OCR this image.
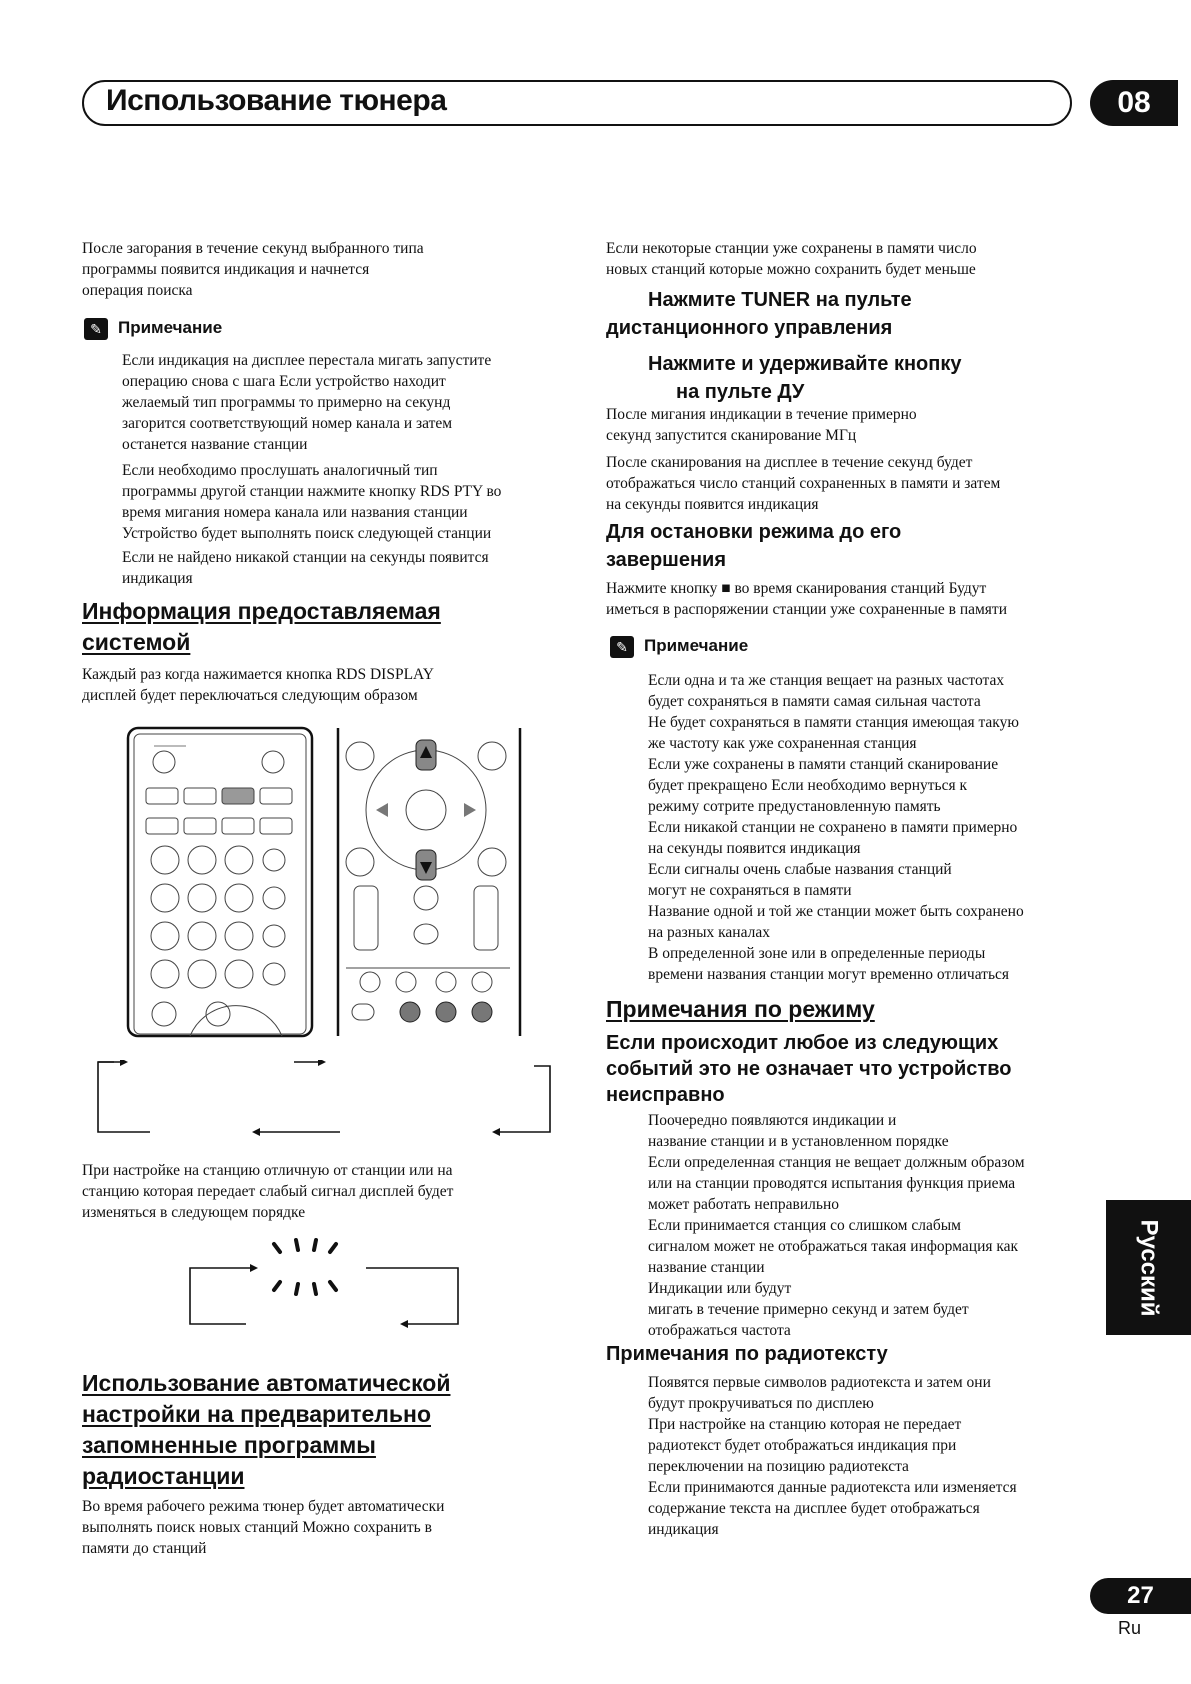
Использование тюнера	08
После загорания в течение секунд выбранного типа
программы появится индикация и начнется
операция поиска
✎ Примечание
Если индикация на дисплее перестала мигать запустите
операцию снова с шага Если устройство находит
желаемый тип программы то примерно на секунд
загорится соответствующий номер канала и затем
останется название станции
Если необходимо прослушать аналогичный тип
программы другой станции нажмите кнопку RDS PTY во
время мигания номера канала или названия станции
Устройство будет выполнять поиск следующей станции
Если не найдено никакой станции на секунды появится
индикация
Информация предоставляемая
системой
Каждый раз когда нажимается кнопка RDS DISPLAY
дисплей будет переключаться следующим образом
При настройке на станцию отличную от станции или на
станцию которая передает слабый сигнал дисплей будет
изменяться в следующем порядке
Использование автоматической
настройки на предварительно
запомненные программы
радиостанции
Во время рабочего режима тюнер будет автоматически
выполнять поиск новых станций Можно сохранить в
памяти до станций
Если некоторые станции уже сохранены в памяти число
новых станций которые можно сохранить будет меньше
Нажмите TUNER на пульте
дистанционного управления
Нажмите и удерживайте кнопку
на пульте ДУ
После мигания индикации в течение примерно
секунд запустится сканирование МГц
После сканирования на дисплее в течение секунд будет
отображаться число станций сохраненных в памяти и затем
на секунды появится индикация
Для остановки режима до его
завершения
Нажмите кнопку ■ во время сканирования станций Будут
иметься в распоряжении станции уже сохраненные в памяти
✎ Примечание
Если одна и та же станция вещает на разных частотах
будет сохраняться в памяти самая сильная частота
Не будет сохраняться в памяти станция имеющая такую
же частоту как уже сохраненная станция
Если уже сохранены в памяти станций сканирование
будет прекращено Если необходимо вернуться к
режиму сотрите предустановленную память
Если никакой станции не сохранено в памяти примерно
на секунды появится индикация
Если сигналы очень слабые названия станций
могут не сохраняться в памяти
Название одной и той же станции может быть сохранено
на разных каналах
В определенной зоне или в определенные периоды
времени названия станции могут временно отличаться
Примечания по режиму
Если происходит любое из следующих
событий это не означает что устройство
неисправно
Поочередно появляются индикации и
название станции и в установленном порядке
Если определенная станция не вещает должным образом
или на станции проводятся испытания функция приема
может работать неправильно
Если принимается станция со слишком слабым
сигналом может не отображаться такая информация как
название станции
Индикации или будут
мигать в течение примерно секунд и затем будет
отображаться частота
Примечания по радиотексту
Появятся первые символов радиотекста и затем они
будут прокручиваться по дисплею
При настройке на станцию которая не передает
радиотекст будет отображаться индикация при
переключении на позицию радиотекста
Если принимаются данные радиотекста или изменяется
содержание текста на дисплее будет отображаться
индикация
Русский
27
Ru
